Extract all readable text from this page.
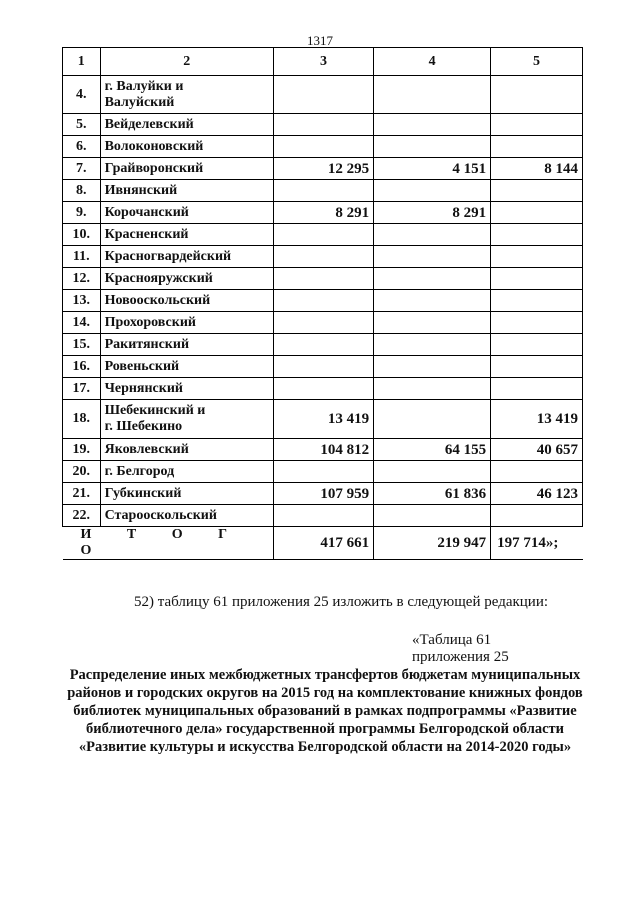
1317
1	2	3	4	5
4.	г. Валуйки и
Валуйский			
5.	Вейделевский			
6.	Волоконовский			
7.	Грайворонский	12 295	4 151	8 144
8.	Ивнянский			
9.	Корочанский	8 291	8 291	
10.	Красненский			
11.	Красногвардейский			
12.	Краснояружский			
13.	Новооскольский			
14.	Прохоровский			
15.	Ракитянский			
16.	Ровеньский			
17.	Чернянский			
18.	Шебекинский и
г. Шебекино	13 419		13 419
19.	Яковлевский	104 812	64 155	40 657
20.	г. Белгород			
21.	Губкинский	107 959	61 836	46 123
22.	Старооскольский			
И Т О Г О		417 661	219 947	197 714»;
52) таблицу 61 приложения 25 изложить в следующей редакции:
«Таблица 61
приложения 25
Распределение иных межбюджетных трансфертов бюджетам муниципальных районов и городских округов на 2015 год на комплектование книжных фондов библиотек муниципальных образований в рамках подпрограммы «Развитие библиотечного дела» государственной программы Белгородской области «Развитие культуры и искусства Белгородской области на 2014-2020 годы»
